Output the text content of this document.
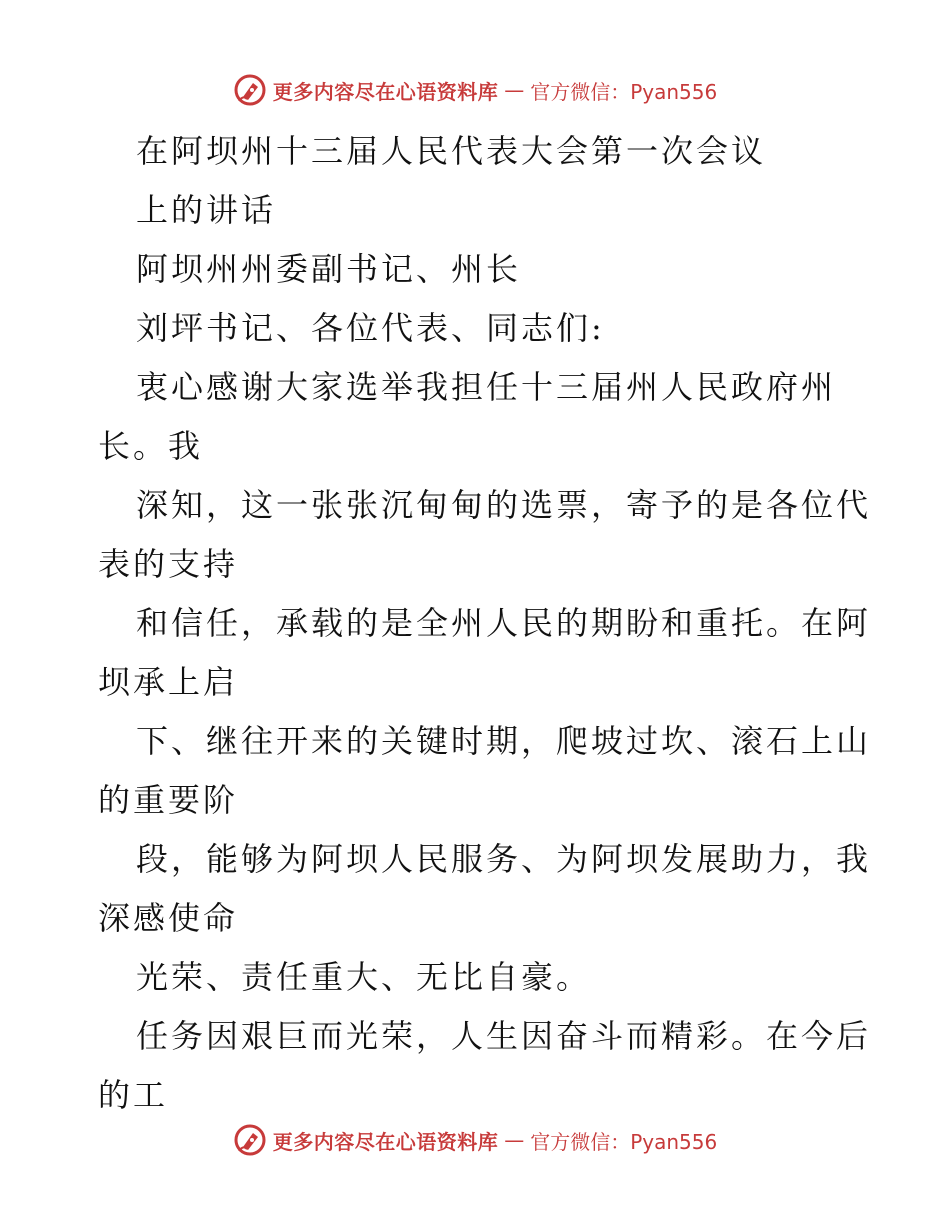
更多内容尽在心语资料库 — 官方微信：Pyan556
在阿坝州十三届人民代表大会第一次会议
上的讲话
阿坝州州委副书记、州长
刘坪书记、各位代表、同志们:
衷心感谢大家选举我担任十三届州人民政府州
长。我
深知，这一张张沉甸甸的选票，寄予的是各位代
表的支持
和信任，承载的是全州人民的期盼和重托。在阿
坝承上启
下、继往开来的关键时期，爬坡过坎、滚石上山
的重要阶
段，能够为阿坝人民服务、为阿坝发展助力，我
深感使命
光荣、责任重大、无比自豪。
任务因艰巨而光荣，人生因奋斗而精彩。在今后
的工
更多内容尽在心语资料库 — 官方微信：Pyan556
